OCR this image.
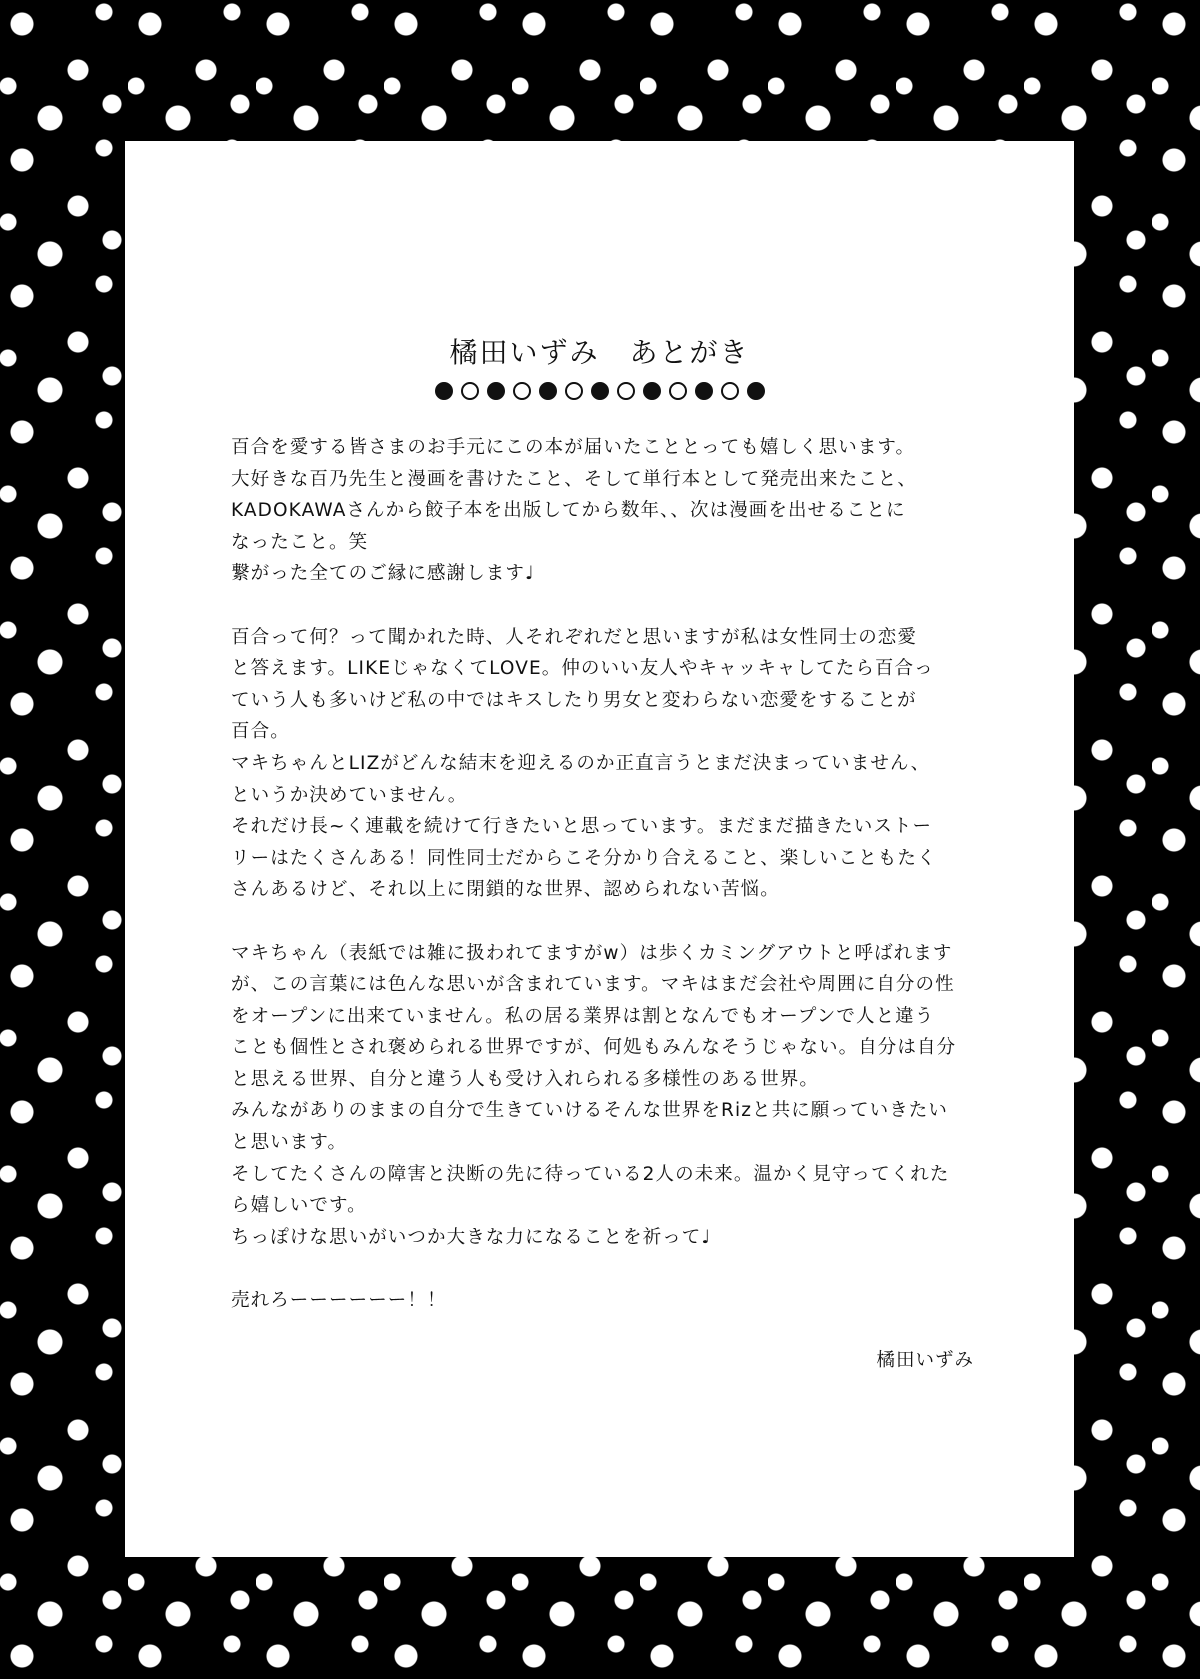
橘田いずみ　あとがき
百合を愛する皆さまのお手元にこの本が届いたこととっても嬉しく思います。
大好きな百乃先生と漫画を書けたこと、そして単行本として発売出来たこと、
KADOKAWAさんから餃子本を出版してから数年、、次は漫画を出せることに
なったこと。笑
繋がった全てのご縁に感謝します♩
百合って何？って聞かれた時、人それぞれだと思いますが私は女性同士の恋愛
と答えます。LIKEじゃなくてLOVE。仲のいい友人やキャッキャしてたら百合っ
ていう人も多いけど私の中ではキスしたり男女と変わらない恋愛をすることが
百合。
マキちゃんとLIZがどんな結末を迎えるのか正直言うとまだ決まっていません、
というか決めていません。
それだけ長~く連載を続けて行きたいと思っています。まだまだ描きたいストー
リーはたくさんある！同性同士だからこそ分かり合えること、楽しいこともたく
さんあるけど、それ以上に閉鎖的な世界、認められない苦悩。
マキちゃん（表紙では雑に扱われてますがw）は歩くカミングアウトと呼ばれます
が、この言葉には色んな思いが含まれています。マキはまだ会社や周囲に自分の性
をオープンに出来ていません。私の居る業界は割となんでもオープンで人と違う
ことも個性とされ褒められる世界ですが、何処もみんなそうじゃない。自分は自分
と思える世界、自分と違う人も受け入れられる多様性のある世界。
みんながありのままの自分で生きていけるそんな世界をRizと共に願っていきたい
と思います。
そしてたくさんの障害と決断の先に待っている2人の未来。温かく見守ってくれた
ら嬉しいです。
ちっぽけな思いがいつか大きな力になることを祈って♩
売れろーーーーーー！！
橘田いずみ
